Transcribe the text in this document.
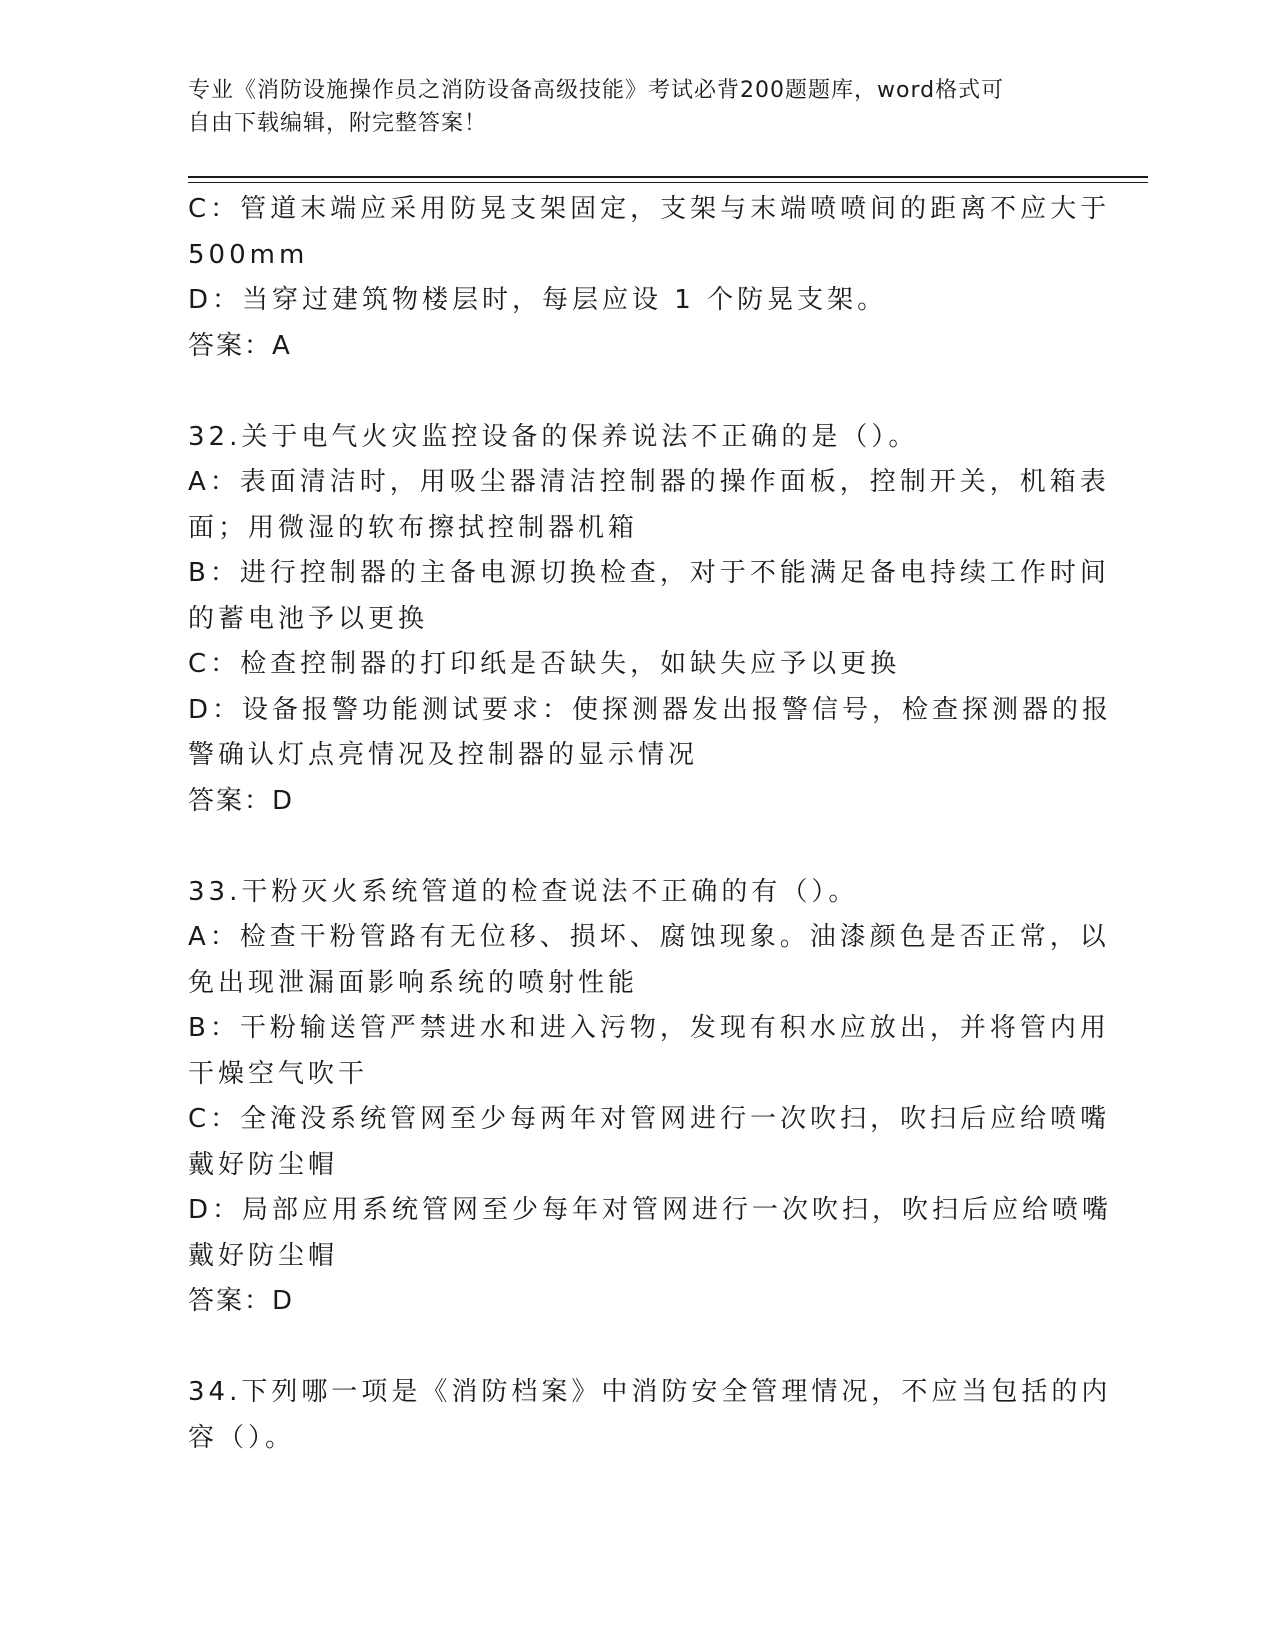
专业《消防设施操作员之消防设备高级技能》考试必背200题题库，word格式可
自由下载编辑，附完整答案！

C：管道末端应采用防晃支架固定，支架与末端喷喷间的距离不应大于

500mm

D：当穿过建筑物楼层时，每层应设 1 个防晃支架。

答案：A

32.关于电气火灾监控设备的保养说法不正确的是（）。

A：表面清洁时，用吸尘器清洁控制器的操作面板，控制开关，机箱表

面；用微湿的软布擦拭控制器机箱

B：进行控制器的主备电源切换检查，对于不能满足备电持续工作时间

的蓄电池予以更换

C：检查控制器的打印纸是否缺失，如缺失应予以更换

D：设备报警功能测试要求：使探测器发出报警信号，检查探测器的报

警确认灯点亮情况及控制器的显示情况

答案：D

33.干粉灭火系统管道的检查说法不正确的有（）。

A：检查干粉管路有无位移、损坏、腐蚀现象。油漆颜色是否正常，以

免出现泄漏面影响系统的喷射性能

B：干粉输送管严禁进水和进入污物，发现有积水应放出，并将管内用

干燥空气吹干

C：全淹没系统管网至少每两年对管网进行一次吹扫，吹扫后应给喷嘴

戴好防尘帽

D：局部应用系统管网至少每年对管网进行一次吹扫，吹扫后应给喷嘴

戴好防尘帽

答案：D

34.下列哪一项是《消防档案》中消防安全管理情况，不应当包括的内

容（）。
